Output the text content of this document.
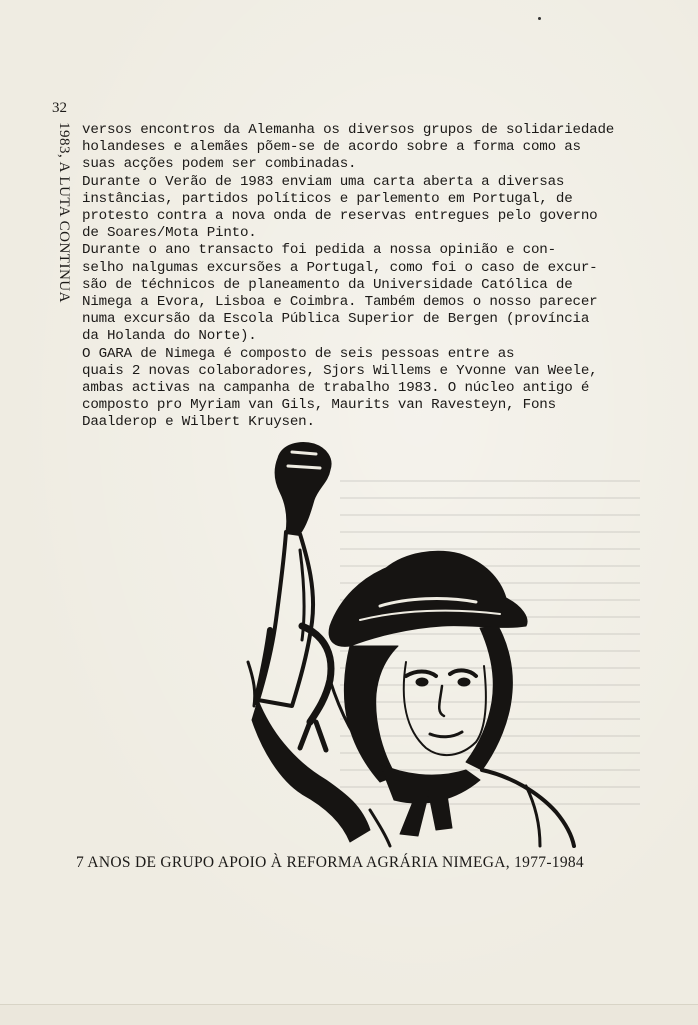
32
1983, A LUTA CONTINUA versos encontros da Alemanha os diversos grupos de solidariedade
holandeses e alemães põem-se de acordo sobre a forma como as
suas acções podem ser combinadas.

Durante o Verão de 1983 enviam uma carta aberta a diversas
instâncias, partidos políticos e parlemento em Portugal, de
protesto contra a nova onda de reservas entregues pelo governo
de Soares/Mota Pinto.

Durante o ano transacto foi pedida a nossa opinião e con-
selho nalgumas excursões a Portugal, como foi o caso de excur-
são de téchnicos de planeamento da Universidade Católica de
Nimega a Evora, Lisboa e Coimbra. Também demos o nosso parecer
numa excursão da Escola Pública Superior de Bergen (província
da Holanda do Norte).

O GARA de Nimega é composto de seis pessoas entre as
quais 2 novas colaboradores, Sjors Willems e Yvonne van Weele,
ambas activas na campanha de trabalho 1983. O núcleo antigo é
composto pro Myriam van Gils, Maurits van Ravesteyn, Fons
Daalderop e Wilbert Kruysen.

7 ANOS DE GRUPO APOIO À REFORMA AGRÁRIA NIMEGA, 1977-1984
